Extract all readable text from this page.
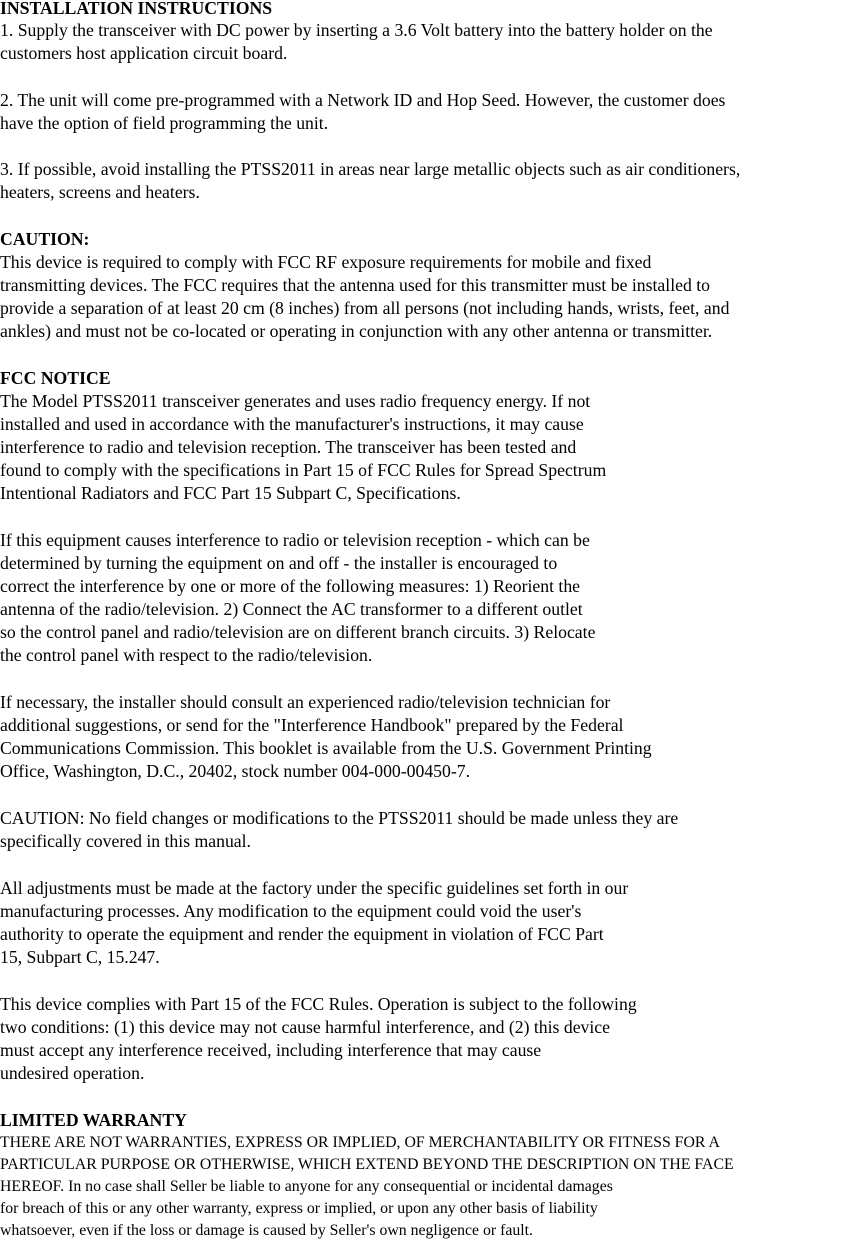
INSTALLATION INSTRUCTIONS
1. Supply the transceiver with DC power by inserting a 3.6 Volt battery into the battery holder on the
customers host application circuit board.
2. The unit will come pre-programmed with a Network ID and Hop Seed. However, the customer does
have the option of field programming the unit.
3. If possible, avoid installing the PTSS2011 in areas near large metallic objects such as air conditioners,
heaters, screens and heaters.
CAUTION:
This device is required to comply with FCC RF exposure requirements for mobile and fixed
transmitting devices. The FCC requires that the antenna used for this transmitter must be installed to
provide a separation of at least 20 cm (8 inches) from all persons (not including hands, wrists, feet, and
ankles) and must not be co-located or operating in conjunction with any other antenna or transmitter.
FCC NOTICE
The Model PTSS2011 transceiver generates and uses radio frequency energy. If not
installed and used in accordance with the manufacturer's instructions, it may cause
interference to radio and television reception. The transceiver has been tested and
found to comply with the specifications in Part 15 of FCC Rules for Spread Spectrum
Intentional Radiators and FCC Part 15 Subpart C, Specifications.
If this equipment causes interference to radio or television reception - which can be
determined by turning the equipment on and off - the installer is encouraged to
correct the interference by one or more of the following measures: 1) Reorient the
antenna of the radio/television. 2) Connect the AC transformer to a different outlet
so the control panel and radio/television are on different branch circuits. 3) Relocate
the control panel with respect to the radio/television.
If necessary, the installer should consult an experienced radio/television technician for
additional suggestions, or send for the "Interference Handbook" prepared by the Federal
Communications Commission. This booklet is available from the U.S. Government Printing
Office, Washington, D.C., 20402, stock number 004-000-00450-7.
CAUTION: No field changes or modifications to the PTSS2011 should be made unless they are
specifically covered in this manual.
All adjustments must be made at the factory under the specific guidelines set forth in our
manufacturing processes. Any modification to the equipment could void the user's
authority to operate the equipment and render the equipment in violation of FCC Part
15, Subpart C, 15.247.
This device complies with Part 15 of the FCC Rules. Operation is subject to the following
two conditions: (1) this device may not cause harmful interference, and (2) this device
must accept any interference received, including interference that may cause
undesired operation.
LIMITED WARRANTY
THERE ARE NOT WARRANTIES, EXPRESS OR IMPLIED, OF MERCHANTABILITY OR FITNESS FOR A
PARTICULAR PURPOSE OR OTHERWISE, WHICH EXTEND BEYOND THE DESCRIPTION ON THE FACE
HEREOF. In no case shall Seller be liable to anyone for any consequential or incidental damages
for breach of this or any other warranty, express or implied, or upon any other basis of liability
whatsoever, even if the loss or damage is caused by Seller's own negligence or fault.
